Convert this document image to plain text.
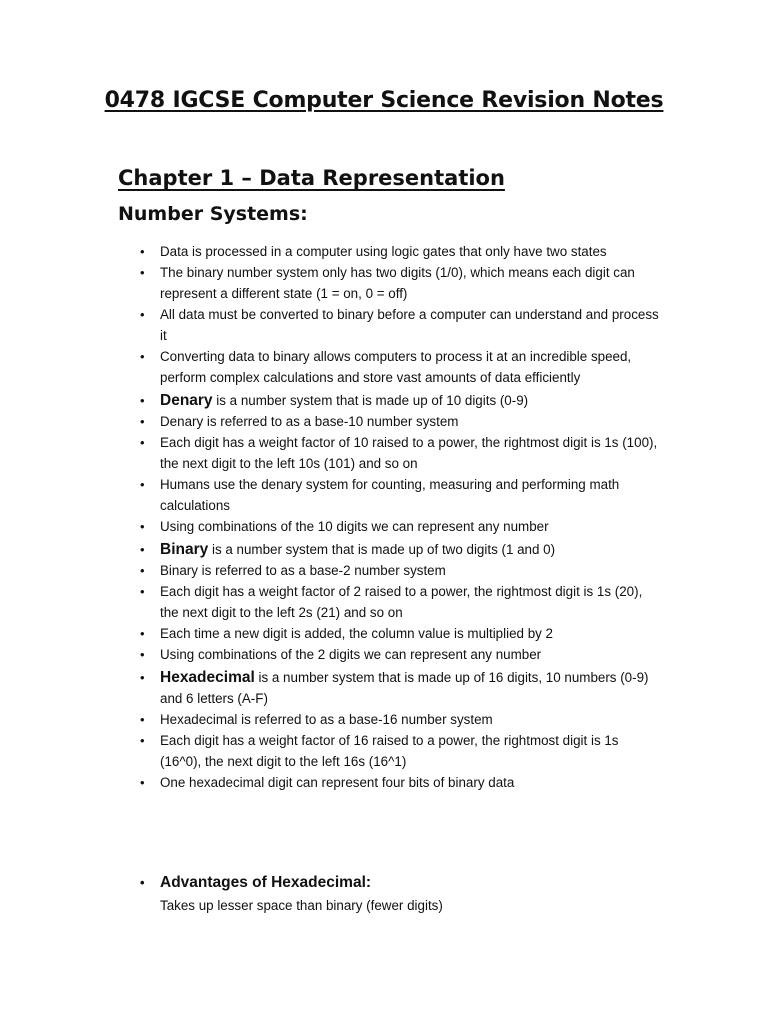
0478 IGCSE Computer Science Revision Notes
Chapter 1 – Data Representation
Number Systems:
• Data is processed in a computer using logic gates that only have two states
• The binary number system only has two digits (1/0), which means each digit can represent a different state (1 = on, 0 = off)
• All data must be converted to binary before a computer can understand and process it
• Converting data to binary allows computers to process it at an incredible speed, perform complex calculations and store vast amounts of data efficiently
• Denary is a number system that is made up of 10 digits (0-9)
• Denary is referred to as a base-10 number system
• Each digit has a weight factor of 10 raised to a power, the rightmost digit is 1s (100), the next digit to the left 10s (101) and so on
• Humans use the denary system for counting, measuring and performing math calculations
• Using combinations of the 10 digits we can represent any number
• Binary is a number system that is made up of two digits (1 and 0)
• Binary is referred to as a base-2 number system
• Each digit has a weight factor of 2 raised to a power, the rightmost digit is 1s (20), the next digit to the left 2s (21) and so on
• Each time a new digit is added, the column value is multiplied by 2
• Using combinations of the 2 digits we can represent any number
• Hexadecimal is a number system that is made up of 16 digits, 10 numbers (0-9) and 6 letters (A-F)
• Hexadecimal is referred to as a base-16 number system
• Each digit has a weight factor of 16 raised to a power, the rightmost digit is 1s (16^0), the next digit to the left 16s (16^1)
• One hexadecimal digit can represent four bits of binary data
• Advantages of Hexadecimal:
Takes up lesser space than binary (fewer digits)
